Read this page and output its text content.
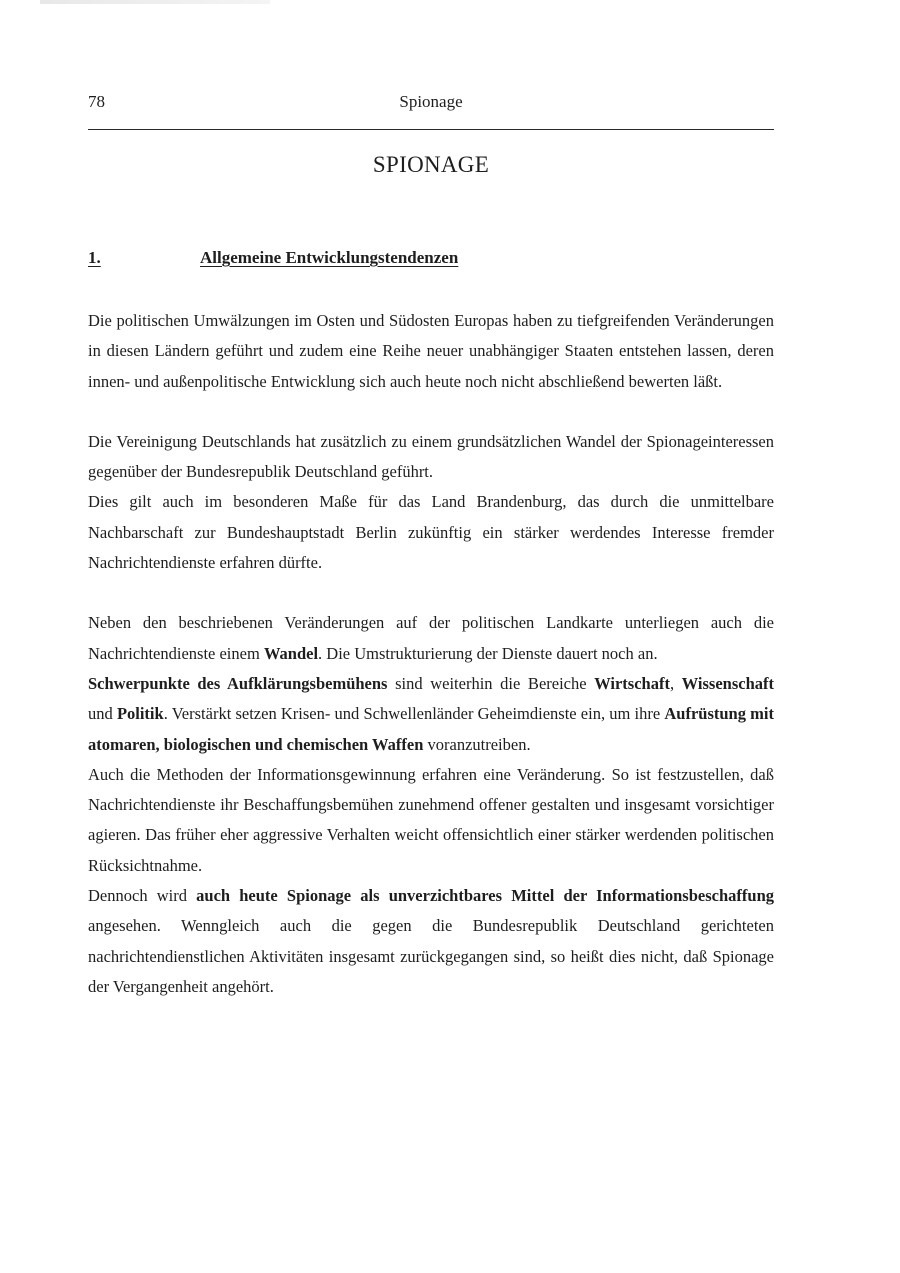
78	Spionage
SPIONAGE
1.	Allgemeine Entwicklungstendenzen

Die politischen Umwälzungen im Osten und Südosten Europas haben zu tiefgreifenden Veränderungen in diesen Ländern geführt und zudem eine Reihe neuer unabhängiger Staaten entstehen lassen, deren innen- und außenpolitische Entwicklung sich auch heute noch nicht abschließend bewerten läßt.

Die Vereinigung Deutschlands hat zusätzlich zu einem grundsätzlichen Wandel der Spionageinteressen gegenüber der Bundesrepublik Deutschland geführt.

Dies gilt auch im besonderen Maße für das Land Brandenburg, das durch die unmittelbare Nachbarschaft zur Bundeshauptstadt Berlin zukünftig ein stärker werdendes Interesse fremder Nachrichtendienste erfahren dürfte.

Neben den beschriebenen Veränderungen auf der politischen Landkarte unterliegen auch die Nachrichtendienste einem Wandel. Die Umstrukturierung der Dienste dauert noch an.

Schwerpunkte des Aufklärungsbemühens sind weiterhin die Bereiche Wirtschaft, Wissenschaft und Politik. Verstärkt setzen Krisen- und Schwellenländer Geheimdienste ein, um ihre Aufrüstung mit atomaren, biologischen und chemischen Waffen voranzutreiben.

Auch die Methoden der Informationsgewinnung erfahren eine Veränderung. So ist festzustellen, daß Nachrichtendienste ihr Beschaffungsbemühen zunehmend offener gestalten und insgesamt vorsichtiger agieren. Das früher eher aggressive Verhalten weicht offensichtlich einer stärker werdenden politischen Rücksichtnahme.

Dennoch wird auch heute Spionage als unverzichtbares Mittel der Informationsbeschaffung angesehen. Wenngleich auch die gegen die Bundesrepublik Deutschland gerichteten nachrichtendienstlichen Aktivitäten insgesamt zurückgegangen sind, so heißt dies nicht, daß Spionage der Vergangenheit angehört.
